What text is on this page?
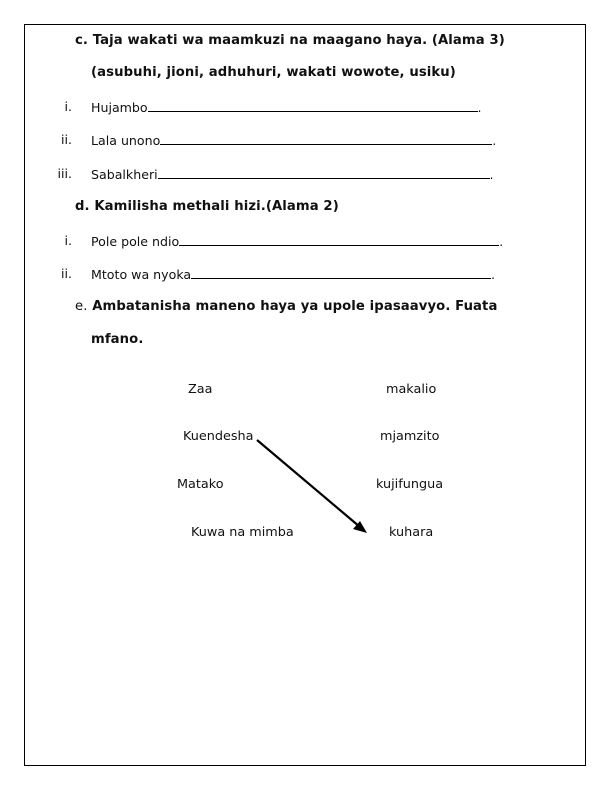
c. Taja wakati wa maamkuzi na maagano haya. (Alama 3)
(asubuhi, jioni, adhuhuri, wakati wowote, usiku)
i. Hujambo	.
ii. Lala unono	.
iii. Sabalkheri	.
d. Kamilisha methali hizi.(Alama 2)
i. Pole pole ndio	.
ii. Mtoto wa nyoka	.
e. Ambatanisha maneno haya ya upole ipasaavyo. Fuata
mfano.
Zaa
Kuendesha
Matako
Kuwa na mimba
makalio
mjamzito
kujifungua
kuhara
